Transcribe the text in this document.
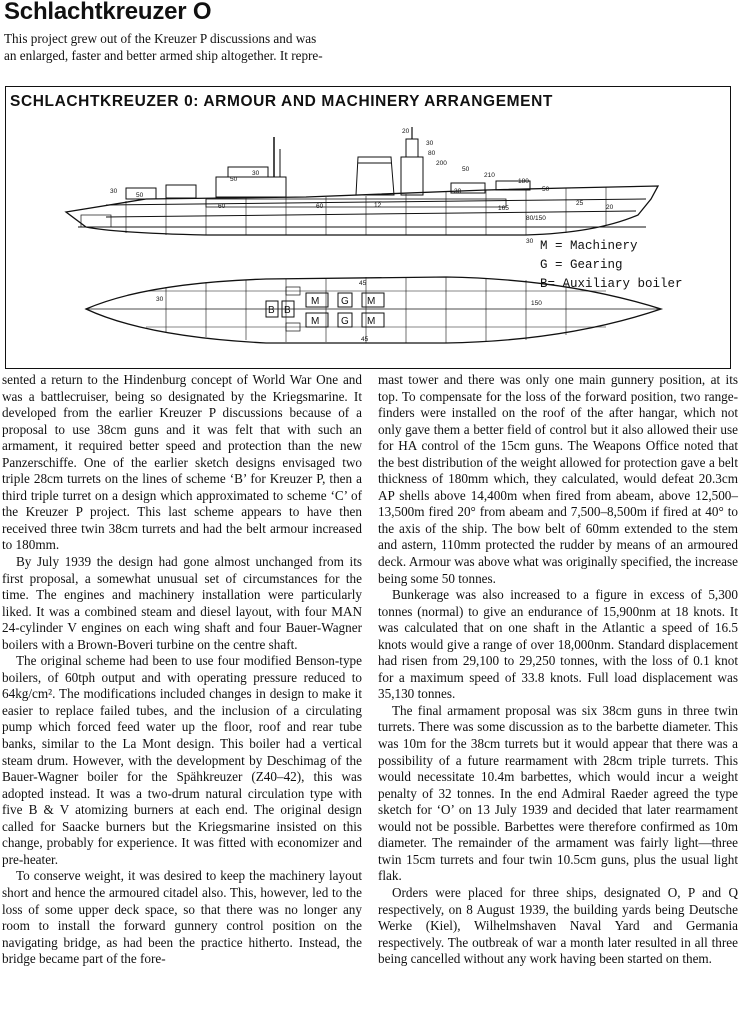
Schlachtkreuzer O

This project grew out of the Kreuzer P discussions and was
an enlarged, faster and better armed ship altogether. It repre-

SCHLACHTKREUZER 0: ARMOUR AND MACHINERY ARRANGEMENT
20
30
80
200
50
210
180
50
30
50
30
50
60	60
30
165
25
80/150
20
12
30
M G M
M G M
B B
30
45
45
150
M = Machinery
G = Gearing
B= Auxiliary boiler

sented a return to the Hindenburg concept of World War One and was a battlecruiser, being so designated by the Kriegsmarine. It developed from the earlier Kreuzer P discussions because of a proposal to use 38cm guns and it was felt that with such an armament, it required better speed and protection than the new Panzerschiffe. One of the earlier sketch designs envisaged two triple 28cm turrets on the lines of scheme ‘B’ for Kreuzer P, then a third triple turret on a design which approximated to scheme ‘C’ of the Kreuzer P project. This last scheme appears to have then received three twin 38cm turrets and had the belt armour increased to 180mm.

By July 1939 the design had gone almost unchanged from its first proposal, a somewhat unusual set of circumstances for the time. The engines and machinery installation were particularly liked. It was a combined steam and diesel layout, with four MAN 24-cylinder V engines on each wing shaft and four Bauer-Wagner boilers with a Brown-Boveri turbine on the centre shaft.

The original scheme had been to use four modified Benson-type boilers, of 60tph output and with operating pressure reduced to 64kg/cm². The modifications included changes in design to make it easier to replace failed tubes, and the inclusion of a circulating pump which forced feed water up the floor, roof and rear tube banks, similar to the La Mont design. This boiler had a vertical steam drum. However, with the development by Deschimag of the Bauer-Wagner boiler for the Spähkreuzer (Z40–42), this was adopted instead. It was a two-drum natural circulation type with five B & V atomizing burners at each end. The original design called for Saacke burners but the Kriegsmarine insisted on this change, probably for experience. It was fitted with economizer and pre-heater.

To conserve weight, it was desired to keep the machinery layout short and hence the armoured citadel also. This, however, led to the loss of some upper deck space, so that there was no longer any room to install the forward gunnery control position on the navigating bridge, as had been the practice hitherto. Instead, the bridge became part of the fore-

mast tower and there was only one main gunnery position, at its top. To compensate for the loss of the forward position, two range-finders were installed on the roof of the after hangar, which not only gave them a better field of control but it also allowed their use for HA control of the 15cm guns. The Weapons Office noted that the best distribution of the weight allowed for protection gave a belt thickness of 180mm which, they calculated, would defeat 20.3cm AP shells above 14,400m when fired from abeam, above 12,500–13,500m fired 20° from abeam and 7,500–8,500m if fired at 40° to the axis of the ship. The bow belt of 60mm extended to the stem and astern, 110mm protected the rudder by means of an armoured deck. Armour was above what was originally specified, the increase being some 50 tonnes.

Bunkerage was also increased to a figure in excess of 5,300 tonnes (normal) to give an endurance of 15,900nm at 18 knots. It was calculated that on one shaft in the Atlantic a speed of 16.5 knots would give a range of over 18,000nm. Standard displacement had risen from 29,100 to 29,250 tonnes, with the loss of 0.1 knot for a maximum speed of 33.8 knots. Full load displacement was 35,130 tonnes.

The final armament proposal was six 38cm guns in three twin turrets. There was some discussion as to the barbette diameter. This was 10m for the 38cm turrets but it would appear that there was a possibility of a future rearmament with 28cm triple turrets. This would necessitate 10.4m barbettes, which would incur a weight penalty of 32 tonnes. In the end Admiral Raeder agreed the type sketch for ‘O’ on 13 July 1939 and decided that later rearmament would not be possible. Barbettes were therefore confirmed as 10m diameter. The remainder of the armament was fairly light—three twin 15cm turrets and four twin 10.5cm guns, plus the usual light flak.

Orders were placed for three ships, designated O, P and Q respectively, on 8 August 1939, the building yards being Deutsche Werke (Kiel), Wilhelmshaven Naval Yard and Germania respectively. The outbreak of war a month later resulted in all three being cancelled without any work having been started on them.
